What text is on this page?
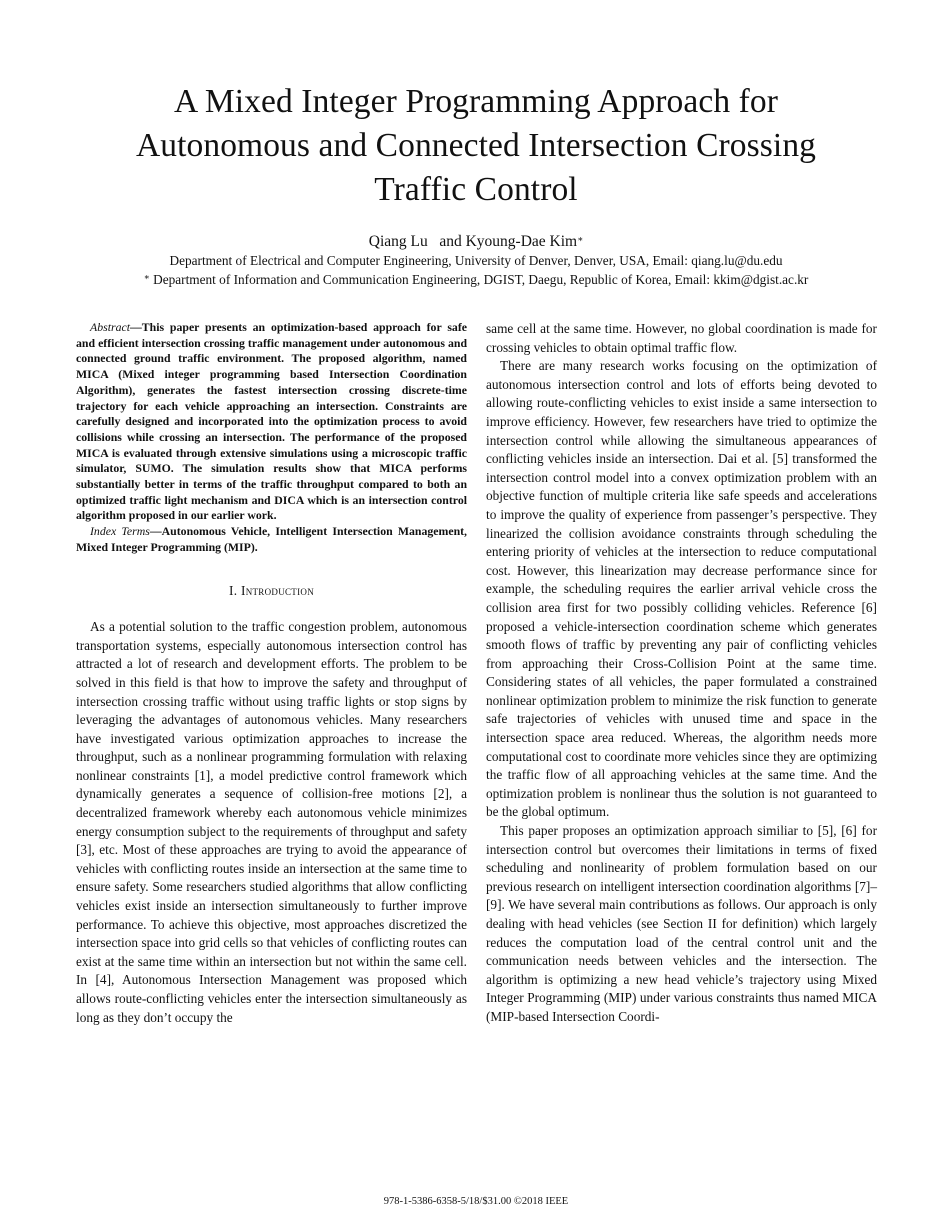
A Mixed Integer Programming Approach for
Autonomous and Connected Intersection Crossing
Traffic Control
Qiang Lu   and Kyoung-Dae Kim∗
Department of Electrical and Computer Engineering, University of Denver, Denver, USA, Email: qiang.lu@du.edu
∗ Department of Information and Communication Engineering, DGIST, Daegu, Republic of Korea, Email: kkim@dgist.ac.kr

Abstract—This paper presents an optimization-based approach for safe and efficient intersection crossing traffic management under autonomous and connected ground traffic environment. The proposed algorithm, named MICA (Mixed integer programming based Intersection Coordination Algorithm), generates the fastest intersection crossing discrete-time trajectory for each vehicle approaching an intersection. Constraints are carefully designed and incorporated into the optimization process to avoid collisions while crossing an intersection. The performance of the proposed MICA is evaluated through extensive simulations using a microscopic traffic simulator, SUMO. The simulation results show that MICA performs substantially better in terms of the traffic throughput compared to both an optimized traffic light mechanism and DICA which is an intersection control algorithm proposed in our earlier work.

Index Terms—Autonomous Vehicle, Intelligent Intersection Management, Mixed Integer Programming (MIP).

I. Introduction

As a potential solution to the traffic congestion problem, autonomous transportation systems, especially autonomous intersection control has attracted a lot of research and development efforts. The problem to be solved in this field is that how to improve the safety and throughput of intersection crossing traffic without using traffic lights or stop signs by leveraging the advantages of autonomous vehicles. Many researchers have investigated various optimization approaches to increase the throughput, such as a nonlinear programming formulation with relaxing nonlinear constraints [1], a model predictive control framework which dynamically generates a sequence of collision-free motions [2], a decentralized framework whereby each autonomous vehicle minimizes energy consumption subject to the requirements of throughput and safety [3], etc. Most of these approaches are trying to avoid the appearance of vehicles with conflicting routes inside an intersection at the same time to ensure safety. Some researchers studied algorithms that allow conflicting vehicles exist inside an intersection simultaneously to further improve performance. To achieve this objective, most approaches discretized the intersection space into grid cells so that vehicles of conflicting routes can exist at the same time within an intersection but not within the same cell. In [4], Autonomous Intersection Management was proposed which allows route-conflicting vehicles enter the intersection simultaneously as long as they don’t occupy the

same cell at the same time. However, no global coordination is made for crossing vehicles to obtain optimal traffic flow.

There are many research works focusing on the optimization of autonomous intersection control and lots of efforts being devoted to allowing route-conflicting vehicles to exist inside a same intersection to improve efficiency. However, few researchers have tried to optimize the intersection control while allowing the simultaneous appearances of conflicting vehicles inside an intersection. Dai et al. [5] transformed the intersection control model into a convex optimization problem with an objective function of multiple criteria like safe speeds and accelerations to improve the quality of experience from passenger’s perspective. They linearized the collision avoidance constraints through scheduling the entering priority of vehicles at the intersection to reduce computational cost. However, this linearization may decrease performance since for example, the scheduling requires the earlier arrival vehicle cross the collision area first for two possibly colliding vehicles. Reference [6] proposed a vehicle-intersection coordination scheme which generates smooth flows of traffic by preventing any pair of conflicting vehicles from approaching their Cross-Collision Point at the same time. Considering states of all vehicles, the paper formulated a constrained nonlinear optimization problem to minimize the risk function to generate safe trajectories of vehicles with unused time and space in the intersection space area reduced. Whereas, the algorithm needs more computational cost to coordinate more vehicles since they are optimizing the traffic flow of all approaching vehicles at the same time. And the optimization problem is nonlinear thus the solution is not guaranteed to be the global optimum.

This paper proposes an optimization approach similiar to [5], [6] for intersection control but overcomes their limitations in terms of fixed scheduling and nonlinearity of problem formulation based on our previous research on intelligent intersection coordination algorithms [7]–[9]. We have several main contributions as follows. Our approach is only dealing with head vehicles (see Section II for definition) which largely reduces the computation load of the central control unit and the communication needs between vehicles and the intersection. The algorithm is optimizing a new head vehicle’s trajectory using Mixed Integer Programming (MIP) under various constraints thus named MICA (MIP-based Intersection Coordi-

978-1-5386-6358-5/18/$31.00 ©2018 IEEE
